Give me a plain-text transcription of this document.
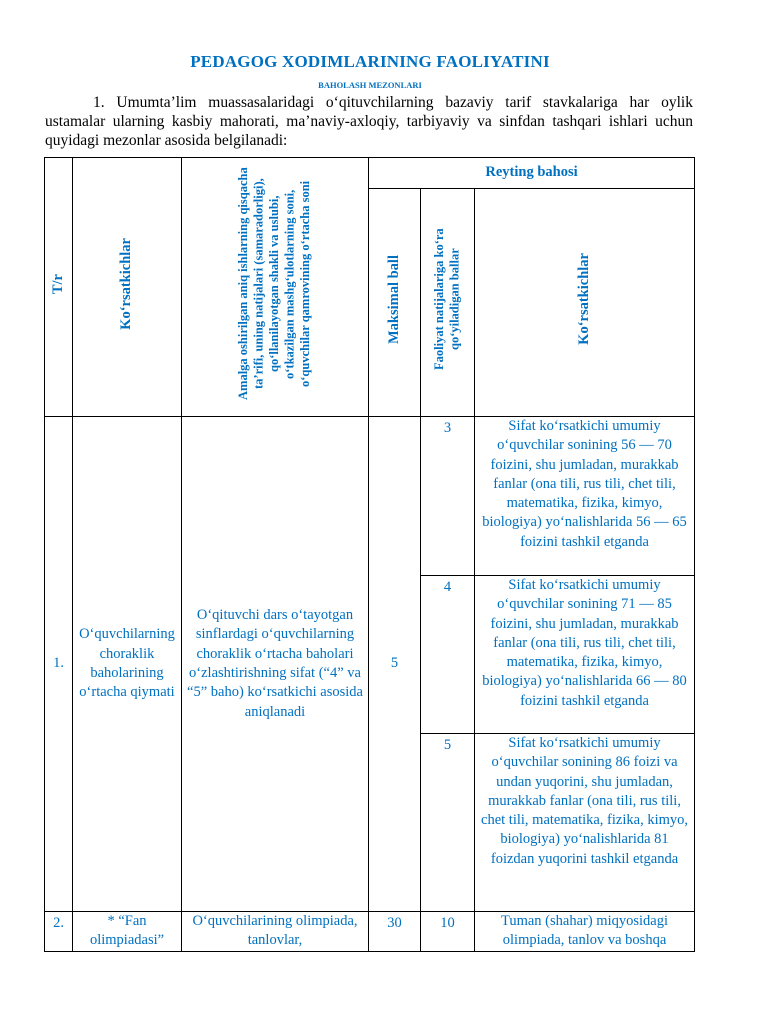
PEDAGOG XODIMLARINING FAOLIYATINI
BAHOLASH MEZONLARI
1. Umumta’lim muassasalaridagi o‘qituvchilarning bazaviy tarif stavkalariga har oylik ustamalar ularning kasbiy mahorati, ma’naviy-axloqiy, tarbiyaviy va sinfdan tashqari ishlari uchun quyidagi mezonlar asosida belgilanadi:
T/r	Ko‘rsatkichlar	Amalga oshirilgan aniq ishlarning qisqacha ta’rifi, uning natijalari (samaradorligi), qo‘llanilayotgan shakli va uslubi, o‘tkazilgan mashg‘ulotlarning soni, o‘quvchilar qamrovining o‘rtacha soni	Reyting bahosi		
			Maksimal ball	Faoliyat natijalariga ko‘ra qo‘yiladigan ballar	Ko‘rsatkichlar
1.	O‘quvchilarning choraklik baholarining o‘rtacha qiymati	O‘qituvchi dars o‘tayotgan sinflardagi o‘quvchilarning choraklik o‘rtacha baholari o‘zlashtirishning sifat (“4” va “5” baho) ko‘rsatkichi asosida aniqlanadi	5	3	Sifat ko‘rsatkichi umumiy o‘quvchilar sonining 56 — 70 foizini, shu jumladan, murakkab fanlar (ona tili, rus tili, chet tili, matematika, fizika, kimyo, biologiya) yo‘nalishlarida 56 — 65 foizini tashkil etganda
				4	Sifat ko‘rsatkichi umumiy o‘quvchilar sonining 71 — 85 foizini, shu jumladan, murakkab fanlar (ona tili, rus tili, chet tili, matematika, fizika, kimyo, biologiya) yo‘nalishlarida 66 — 80 foizini tashkil etganda
				5	Sifat ko‘rsatkichi umumiy o‘quvchilar sonining 86 foizi va undan yuqorini, shu jumladan, murakkab fanlar (ona tili, rus tili, chet tili, matematika, fizika, kimyo, biologiya) yo‘nalishlarida 81 foizdan yuqorini tashkil etganda
2.	* “Fan olimpiadasi”	O‘quvchilarining olimpiada, tanlovlar,	30	10	Tuman (shahar) miqyosidagi olimpiada, tanlov va boshqa
